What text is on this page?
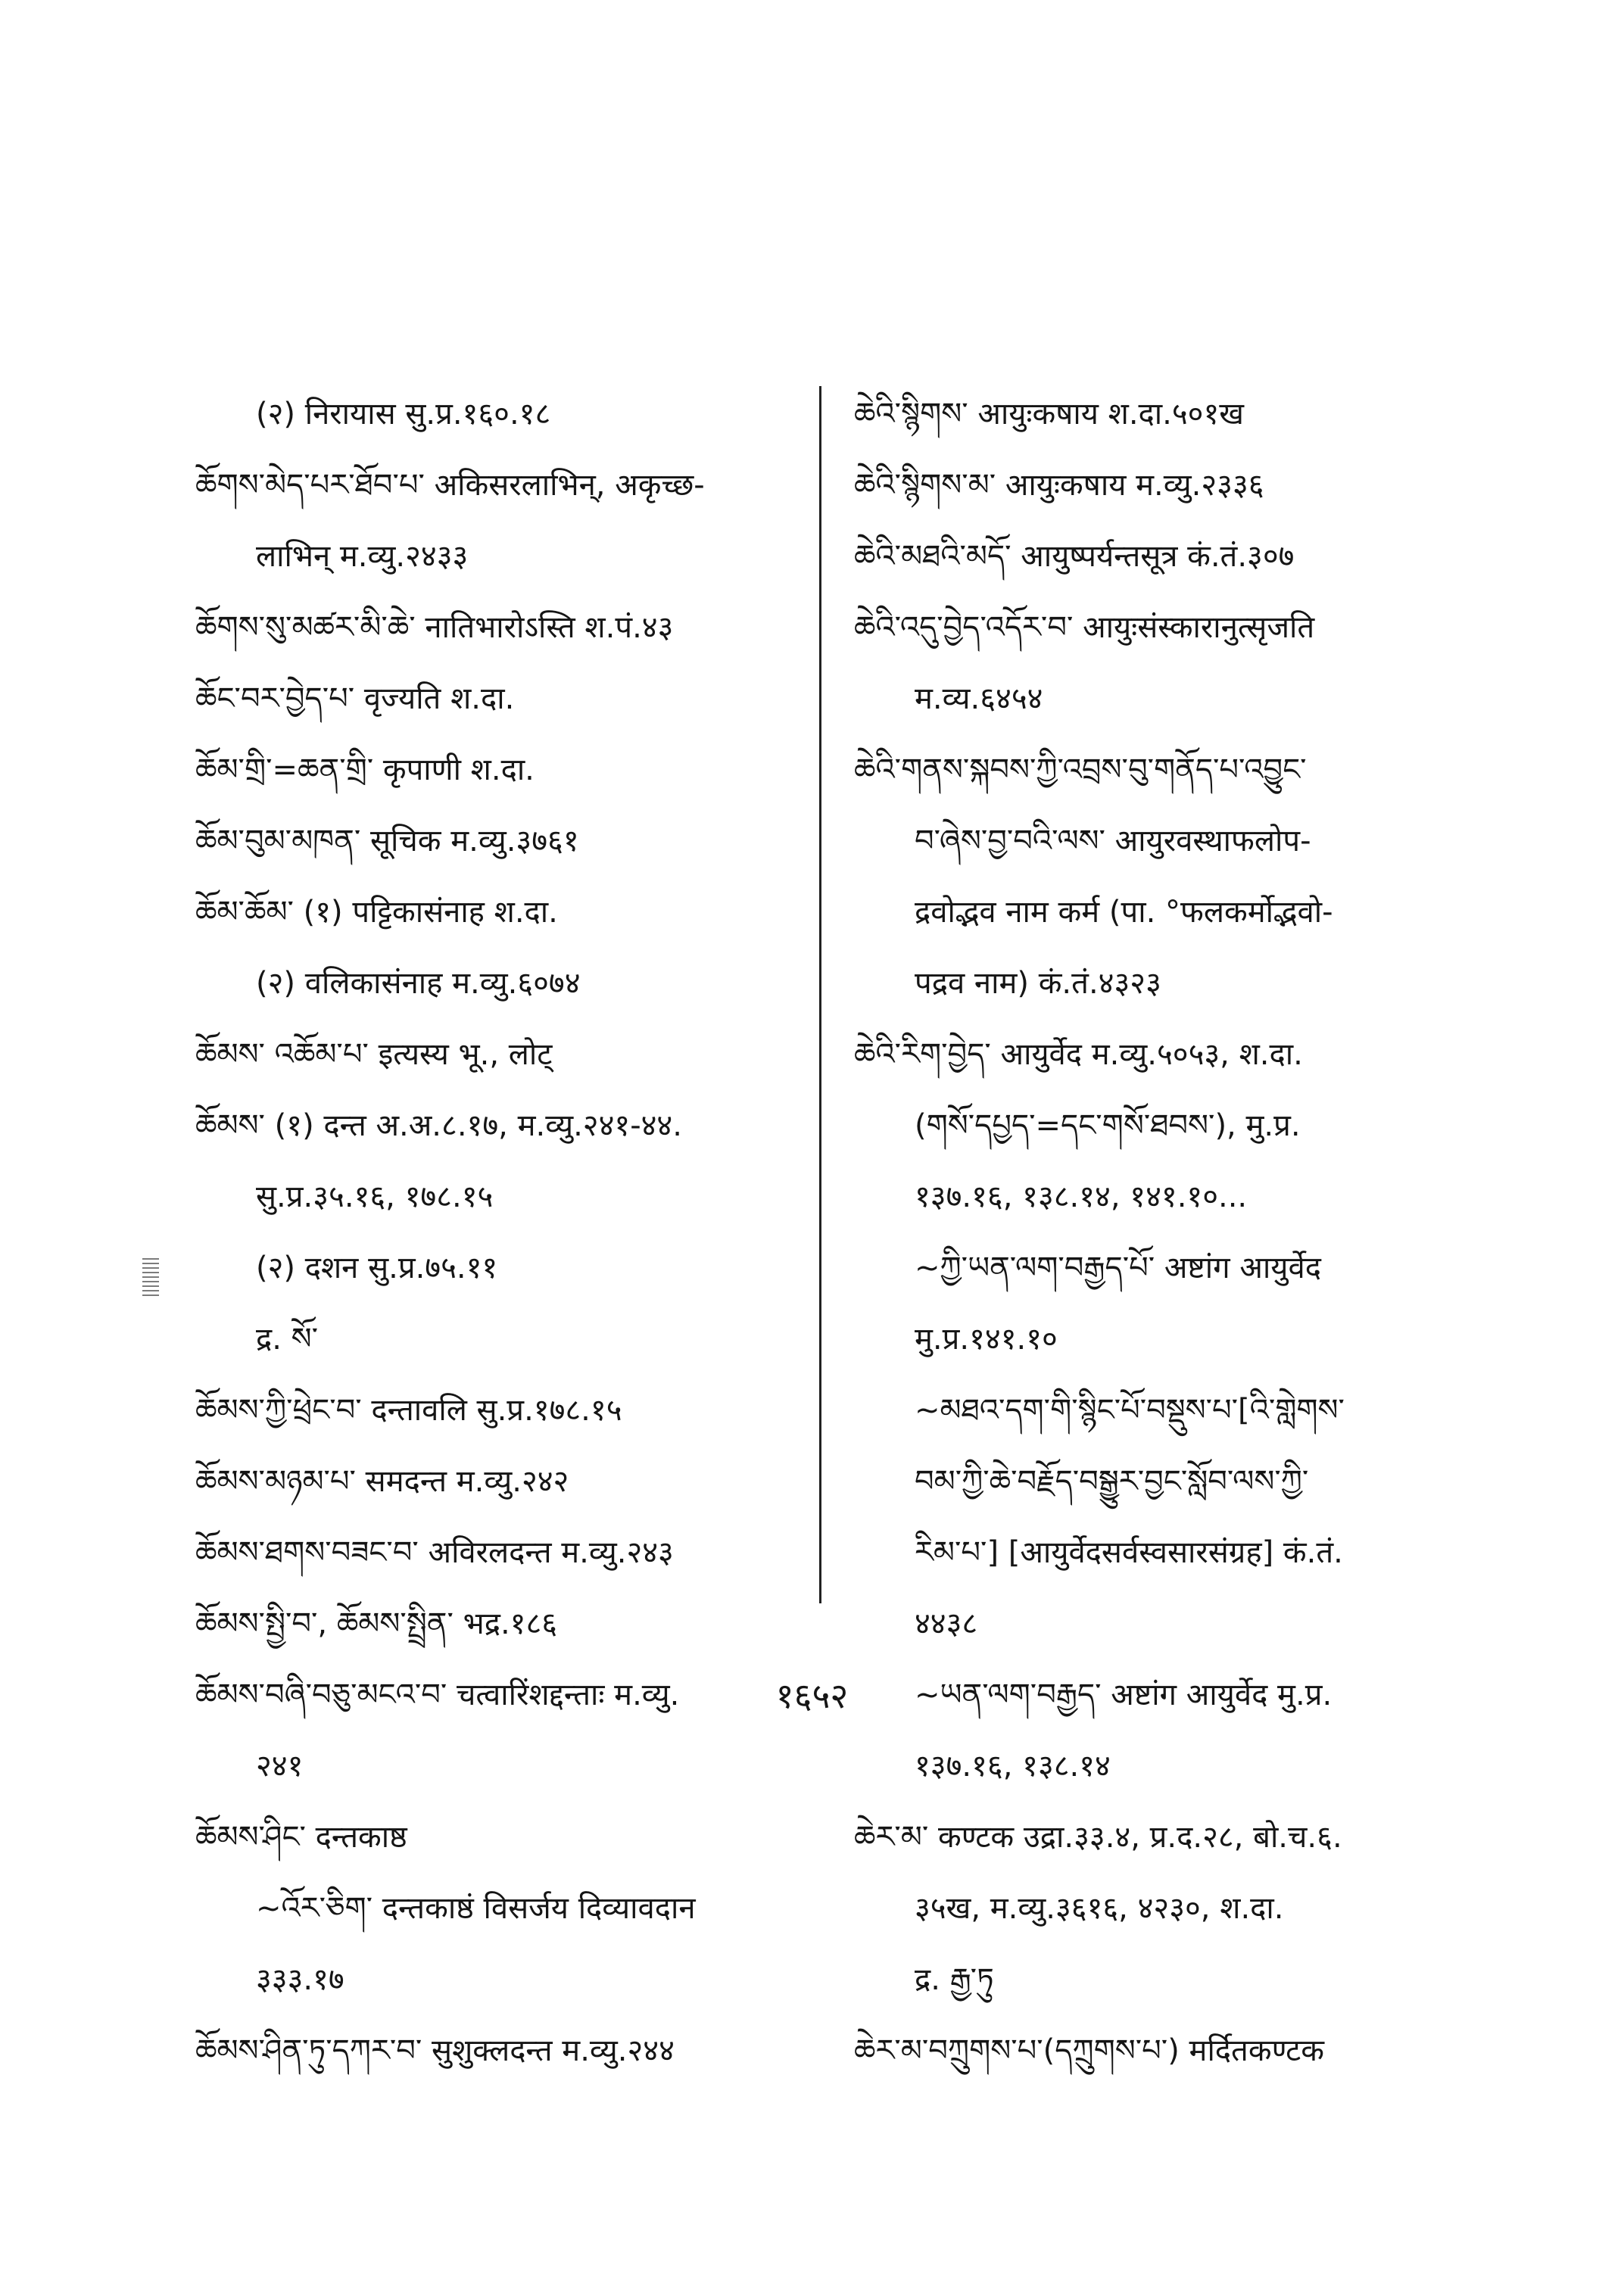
(२) निरायास सु.प्र.१६०.१८
ཆོགས་མེད་པར་ཐོབ་པ་ अकिसरलाभिन्, अकृच्छ-
लाभिन् म.व्यु.२४३३
ཆོགས་སུ་མཚར་མི་ཆེ་ नातिभारोऽस्ति श.पं.४३
ཆོང་བར་བྱེད་པ་ वृज्यति श.दा.
ཆོམ་གྲི་=ཆན་གྲི་ कृपाणी श.दा.
ཆོམ་བུམ་མཁན་ सूचिक म.व्यु.३७६१
ཆོམ་ཆོམ་ (१) पट्टिकासंनाह श.दा.
(२) वलिकासंनाह म.व्यु.६०७४
ཆོམས་ འཆོམ་པ་ इत्यस्य भू., लोट्
ཆོམས་ (१) दन्त अ.अ.८.१७, म.व्यु.२४१-४४.
सु.प्र.३५.१६, १७८.१५
(२) दशन सु.प्र.७५.११
द्र. སོ་
ཆོམས་ཀྱི་ཕྲེང་བ་ दन्तावलि सु.प्र.१७८.१५
ཆོམས་མཉམ་པ་ समदन्त म.व्यु.२४२
ཆོམས་ཐགས་བཟང་བ་ अविरलदन्त म.व्यु.२४३
ཆོམས་སྤྱི་བ་, ཆོམས་སྤྲིན་ भद्र.१८६
ཆོམས་བཞི་བཅུ་མངའ་བ་ चत्वारिंशद्दन्ताः म.व्यु.
२४१
ཆོམས་ཤིང་ दन्तकाष्ठ
~འོར་ཅིག་ दन्तकाष्ठं विसर्जय दिव्यावदान
३३३.१७
ཆོམས་ཤིན་ཏུ་དཀར་བ་ सुशुक्लदन्त म.व्यु.२४४
ཆེའི་སྙིགས་ आयुःकषाय श.दा.५०१ख
ཆེའི་སྙིགས་མ་ आयुःकषाय म.व्यु.२३३६
ཆེའི་མཐའི་མདོ་ आयुष्पर्यन्तसूत्र कं.तं.३०७
ཆེའི་འདུ་བྱེད་འདོར་བ་ आयुःसंस्कारानुत्सृजति
म.व्य.६४५४
ཆེའི་གནས་སྐབས་ཀྱི་འབྲས་བུ་གནོད་པ་འབྱུང་
བ་ཞེས་བྱ་བའི་ལས་ आयुरवस्थाफलोप-
द्रवोद्भव नाम कर्म (पा. °फलकर्मोद्भवो-
पद्रव नाम) कं.तं.४३२३
ཆེའི་རིག་བྱེད་ आयुर्वेद म.व्यु.५०५३, श.दा.
(གསོ་དཔྱད་=དང་གསོ་ཐབས་), मु.प्र.
१३७.१६, १३८.१४, १४१.१०...
~ཀྱི་ཡན་ལག་བརྒྱད་པོ་ अष्टांग आयुर्वेद
मु.प्र.१४१.१०
~མཐའ་དག་གི་སྙིང་པོ་བསྡུས་པ་[འི་གླེགས་
བམ་ཀྱི་ཆེ་བརྗོད་བསྒྱུར་བྱང་སློབ་ལས་ཀྱི་
རིམ་པ་] [आयुर्वेदसर्वस्वसारसंग्रह] कं.तं.
४४३८
~ཡན་ལག་བརྒྱད་ अष्टांग आयुर्वेद मु.प्र.
१३७.१६, १३८.१४
ཆེར་མ་ कण्टक उद्रा.३३.४, प्र.द.२८, बो.च.६.
३५ख, म.व्यु.३६१६, ४२३०, श.दा.
द्र. རྒྱ་ཏུ
ཆེར་མ་བཀྲུགས་པ་(དཀྲུགས་པ་) मर्दितकण्टक
१६५२
